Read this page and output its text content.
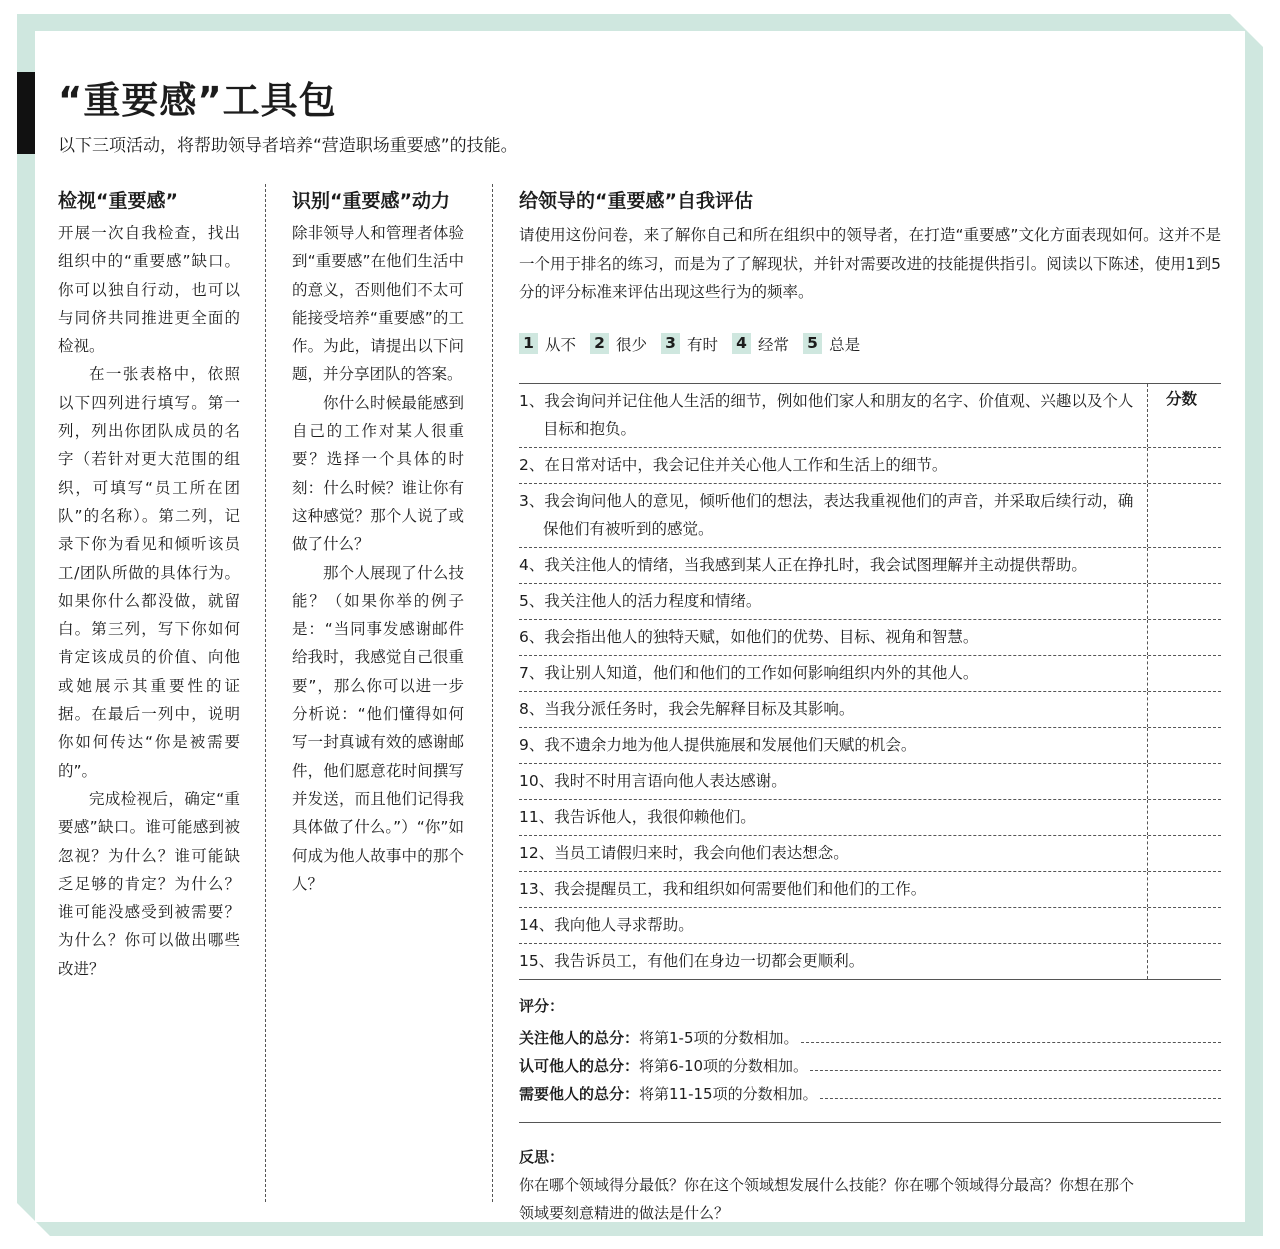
“重要感”工具包

以下三项活动，将帮助领导者培养“营造职场重要感”的技能。

检视“重要感”

开展一次自我检查，找出组织中的“重要感”缺口。你可以独自行动，也可以与同侪共同推进更全面的检视。

在一张表格中，依照以下四列进行填写。第一列，列出你团队成员的名字（若针对更大范围的组织，可填写“员工所在团队”的名称）。第二列，记录下你为看见和倾听该员工/团队所做的具体行为。如果你什么都没做，就留白。第三列，写下你如何肯定该成员的价值、向他或她展示其重要性的证据。在最后一列中，说明你如何传达“你是被需要的”。

完成检视后，确定“重要感”缺口。谁可能感到被忽视？为什么？谁可能缺乏足够的肯定？为什么？谁可能没感受到被需要？为什么？你可以做出哪些改进？

识别“重要感”动力

除非领导人和管理者体验到“重要感”在他们生活中的意义，否则他们不太可能接受培养“重要感”的工作。为此，请提出以下问题，并分享团队的答案。

你什么时候最能感到自己的工作对某人很重要？选择一个具体的时刻：什么时候？谁让你有这种感觉？那个人说了或做了什么？

那个人展现了什么技能？（如果你举的例子是：“当同事发感谢邮件给我时，我感觉自己很重要”，那么你可以进一步分析说：“他们懂得如何写一封真诚有效的感谢邮件，他们愿意花时间撰写并发送，而且他们记得我具体做了什么。”）“你”如何成为他人故事中的那个人？

给领导的“重要感”自我评估

请使用这份问卷，来了解你自己和所在组织中的领导者，在打造“重要感”文化方面表现如何。这并不是一个用于排名的练习，而是为了了解现状，并针对需要改进的技能提供指引。阅读以下陈述，使用1到5分的评分标准来评估出现这些行为的频率。

1 从不 2 很少 3 有时 4 经常 5 总是
1、我会询问并记住他人生活的细节，例如他们家人和朋友的名字、价值观、兴趣以及个人目标和抱负。
分数
2、在日常对话中，我会记住并关心他人工作和生活上的细节。
3、我会询问他人的意见，倾听他们的想法，表达我重视他们的声音，并采取后续行动，确保他们有被听到的感觉。
4、我关注他人的情绪，当我感到某人正在挣扎时，我会试图理解并主动提供帮助。
5、我关注他人的活力程度和情绪。
6、我会指出他人的独特天赋，如他们的优势、目标、视角和智慧。
7、我让别人知道，他们和他们的工作如何影响组织内外的其他人。
8、当我分派任务时，我会先解释目标及其影响。
9、我不遗余力地为他人提供施展和发展他们天赋的机会。
10、我时不时用言语向他人表达感谢。
11、我告诉他人，我很仰赖他们。
12、当员工请假归来时，我会向他们表达想念。
13、我会提醒员工，我和组织如何需要他们和他们的工作。
14、我向他人寻求帮助。
15、我告诉员工，有他们在身边一切都会更顺利。
评分：
关注他人的总分： 将第1-5项的分数相加。
认可他人的总分： 将第6-10项的分数相加。
需要他人的总分： 将第11-15项的分数相加。
反思：
你在哪个领域得分最低？你在这个领域想发展什么技能？你在哪个领域得分最高？你想在那个领域要刻意精进的做法是什么？
